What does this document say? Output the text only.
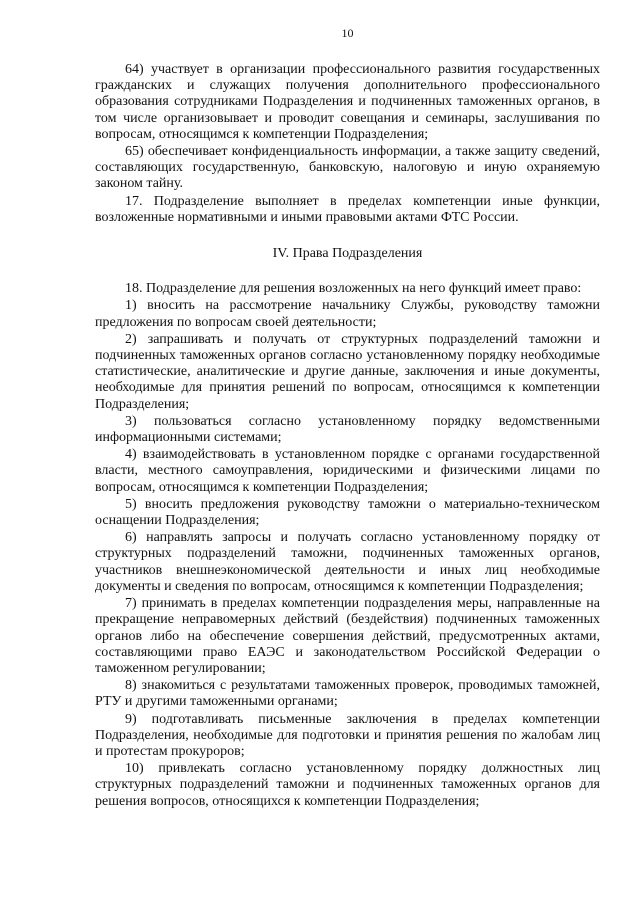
10

64) участвует в организации профессионального развития государственных гражданских и служащих получения дополнительного профессионального образования сотрудниками Подразделения и подчиненных таможенных органов, в том числе организовывает и проводит совещания и семинары, заслушивания по вопросам, относящимся к компетенции Подразделения;

65) обеспечивает конфиденциальность информации, а также защиту сведений, составляющих государственную, банковскую, налоговую и иную охраняемую законом тайну.

17. Подразделение выполняет в пределах компетенции иные функции, возложенные нормативными и иными правовыми актами ФТС России.

IV. Права Подразделения

18. Подразделение для решения возложенных на него функций имеет право:

1) вносить на рассмотрение начальнику Службы, руководству таможни предложения по вопросам своей деятельности;

2) запрашивать и получать от структурных подразделений таможни и подчиненных таможенных органов согласно установленному порядку необходимые статистические, аналитические и другие данные, заключения и иные документы, необходимые для принятия решений по вопросам, относящимся к компетенции Подразделения;

3) пользоваться согласно установленному порядку ведомственными информационными системами;

4) взаимодействовать в установленном порядке с органами государственной власти, местного самоуправления, юридическими и физическими лицами по вопросам, относящимся к компетенции Подразделения;

5) вносить предложения руководству таможни о материально-техническом оснащении Подразделения;

6) направлять запросы и получать согласно установленному порядку от структурных подразделений таможни, подчиненных таможенных органов, участников внешнеэкономической деятельности и иных лиц необходимые документы и сведения по вопросам, относящимся к компетенции Подразделения;

7) принимать в пределах компетенции подразделения меры, направленные на прекращение неправомерных действий (бездействия) подчиненных таможенных органов либо на обеспечение совершения действий, предусмотренных актами, составляющими право ЕАЭС и законодательством Российской Федерации о таможенном регулировании;

8) знакомиться с результатами таможенных проверок, проводимых таможней, РТУ и другими таможенными органами;

9) подготавливать письменные заключения в пределах компетенции Подразделения, необходимые для подготовки и принятия решения по жалобам лиц и протестам прокуроров;

10) привлекать согласно установленному порядку должностных лиц структурных подразделений таможни и подчиненных таможенных органов для решения вопросов, относящихся к компетенции Подразделения;
